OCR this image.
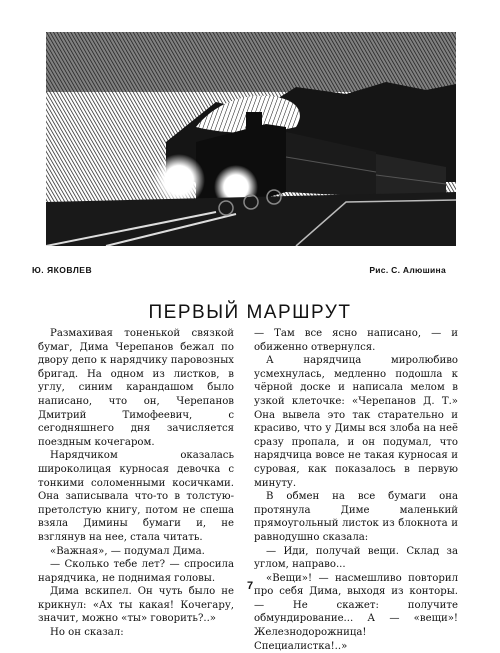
Ю. ЯКОВЛЕВ	Рис. С. Алюшина
ПЕРВЫЙ МАРШРУТ

Размахивая тоненькой связкой бумаг, Дима Черепанов бежал по двору депо к нарядчику паровозных бригад. На одном из листков, в углу, синим карандашом было написано, что он, Черепанов Дмитрий Тимофеевич, с сегодняшнего дня зачисляется поездным кочегаром.

Нарядчиком оказалась широколицая курносая девочка с тонкими соломенными косичками. Она записывала что-то в толстую-претолстую книгу, потом не спеша взяла Димины бумаги и, не взглянув на нее, стала читать.

«Важная», — подумал Дима.

— Сколько тебе лет? — спросила нарядчика, не поднимая головы.

Дима вскипел. Он чуть было не крикнул: «Ах ты какая! Кочегару, значит, можно «ты» говорить?..»

Но он сказал:

— Там все ясно написано, — и обиженно отвернулся.

А нарядчица миролюбиво усмехнулась, медленно подошла к чёрной доске и написала мелом в узкой клеточке: «Черепанов Д. Т.» Она вывела это так старательно и красиво, что у Димы вся злоба на неё сразу пропала, и он подумал, что нарядчица вовсе не такая курносая и суровая, как показалось в первую минуту.

В обмен на все бумаги она протянула Диме маленький прямоугольный листок из блокнота и равнодушно сказала:

— Иди, получай вещи. Склад за углом, направо...

«Вещи»! — насмешливо повторил про себя Дима, выходя из конторы. — Не скажет: получите обмундирование... А — «вещи»! Железнодорожница! Специалистка!..»

7
